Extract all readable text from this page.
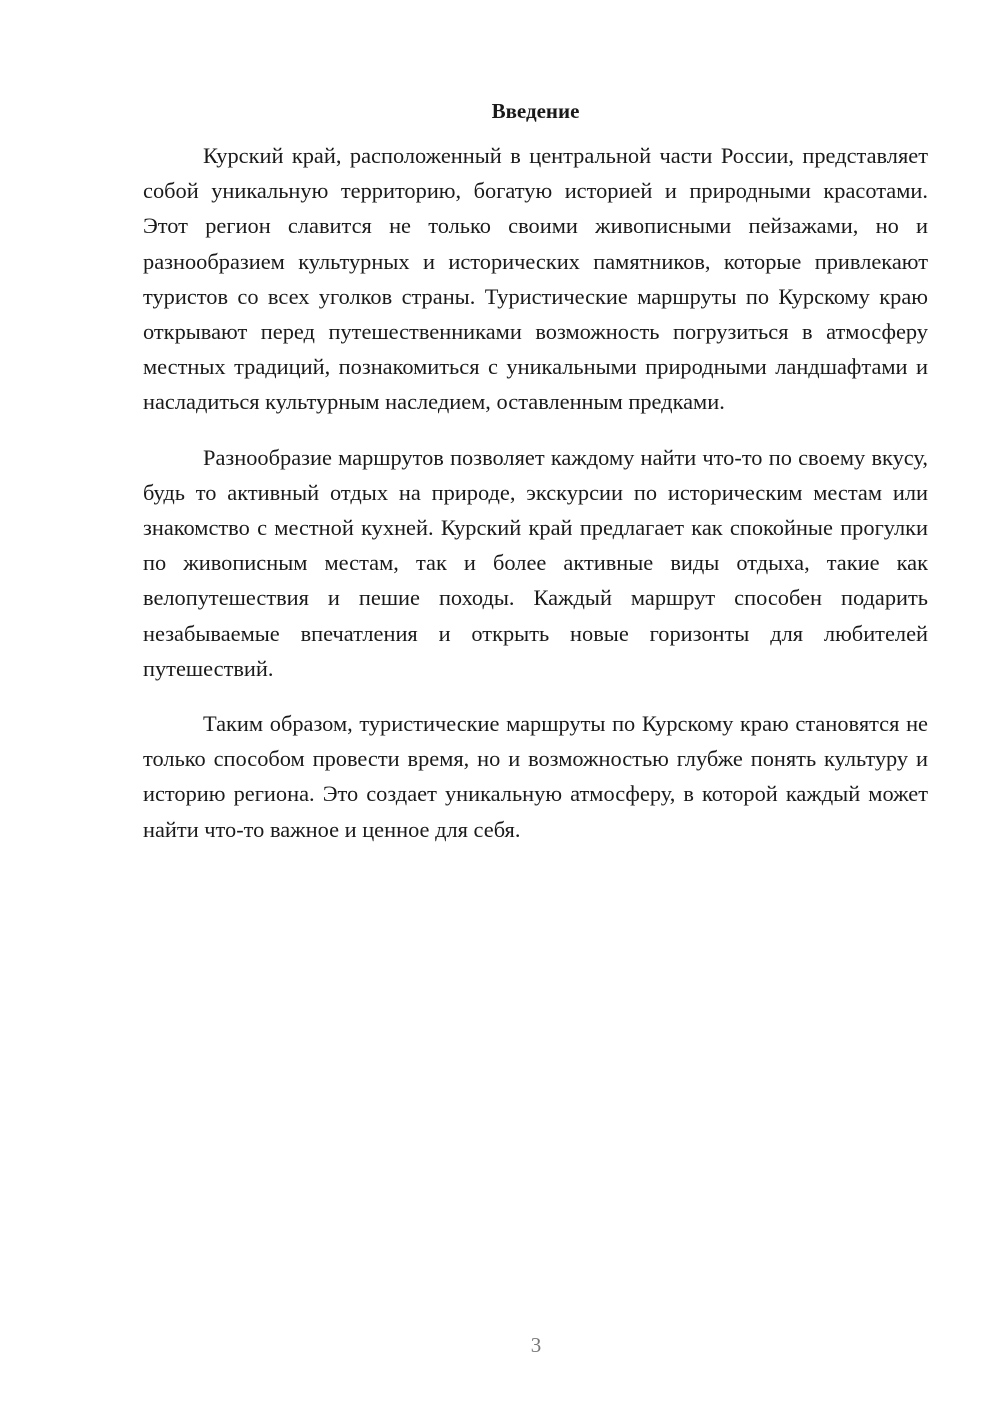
Введение

Курский край, расположенный в центральной части России, представляет собой уникальную территорию, богатую историей и природными красотами. Этот регион славится не только своими живописными пейзажами, но и разнообразием культурных и исторических памятников, которые привлекают туристов со всех уголков страны. Туристические маршруты по Курскому краю открывают перед путешественниками возможность погрузиться в атмосферу местных традиций, познакомиться с уникальными природными ландшафтами и насладиться культурным наследием, оставленным предками.

Разнообразие маршрутов позволяет каждому найти что-то по своему вкусу, будь то активный отдых на природе, экскурсии по историческим местам или знакомство с местной кухней. Курский край предлагает как спокойные прогулки по живописным местам, так и более активные виды отдыха, такие как велопутешествия и пешие походы. Каждый маршрут способен подарить незабываемые впечатления и открыть новые горизонты для любителей путешествий.

Таким образом, туристические маршруты по Курскому краю становятся не только способом провести время, но и возможностью глубже понять культуру и историю региона. Это создает уникальную атмосферу, в которой каждый может найти что-то важное и ценное для себя.

3
